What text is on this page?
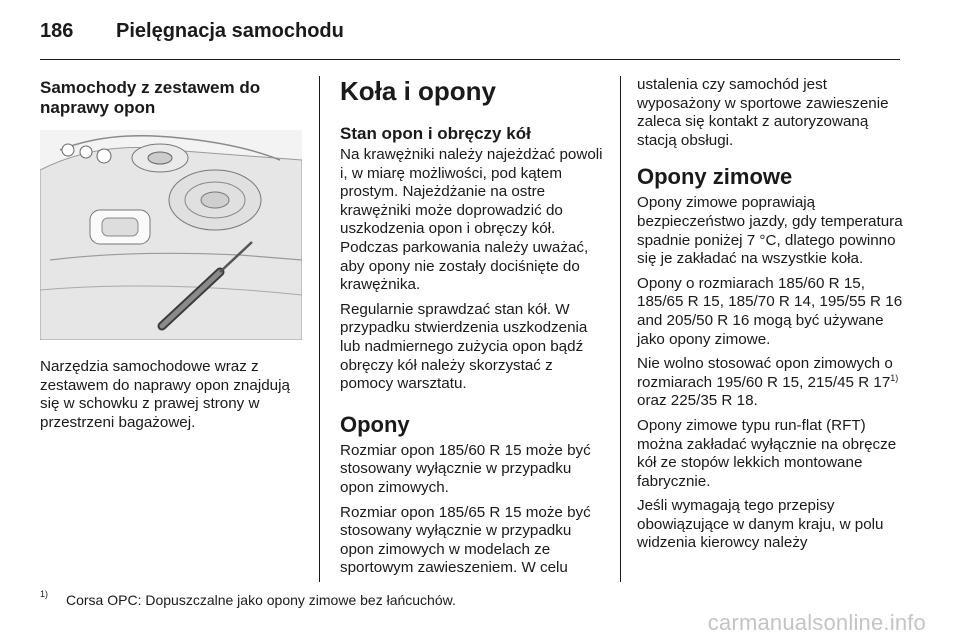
186 Pielęgnacja samochodu
Samochody z zestawem do naprawy opon

Narzędzia samochodowe wraz z zestawem do naprawy opon znajdują się w schowku z prawej strony w przestrzeni bagażowej.

Koła i opony
Stan opon i obręczy kół

Na krawężniki należy najeżdżać powoli i, w miarę możliwości, pod kątem prostym. Najeżdżanie na ostre krawężniki może doprowadzić do uszkodzenia opon i obręczy kół. Podczas parkowania należy uważać, aby opony nie zostały dociśnięte do krawężnika.

Regularnie sprawdzać stan kół. W przypadku stwierdzenia uszkodzenia lub nadmiernego zużycia opon bądź obręczy kół należy skorzystać z pomocy warsztatu.

Opony

Rozmiar opon 185/60 R 15 może być stosowany wyłącznie w przypadku opon zimowych.

Rozmiar opon 185/65 R 15 może być stosowany wyłącznie w przypadku opon zimowych w modelach ze sportowym zawieszeniem. W celu

ustalenia czy samochód jest wyposażony w sportowe zawieszenie zaleca się kontakt z autoryzowaną stacją obsługi.

Opony zimowe

Opony zimowe poprawiają bezpieczeństwo jazdy, gdy temperatura spadnie poniżej 7 °C, dlatego powinno się je zakładać na wszystkie koła.

Opony o rozmiarach 185/60 R 15, 185/65 R 15, 185/70 R 14, 195/55 R 16 and 205/50 R 16 mogą być używane jako opony zimowe.

Nie wolno stosować opon zimowych o rozmiarach 195/60 R 15, 215/45 R 17$^{1)}$ oraz 225/35 R 18.

Opony zimowe typu run-flat (RFT) można zakładać wyłącznie na obręcze kół ze stopów lekkich montowane fabrycznie.

Jeśli wymagają tego przepisy obowiązujące w danym kraju, w polu widzenia kierowcy należy

1) Corsa OPC: Dopuszczalne jako opony zimowe bez łańcuchów.
carmanualsonline.info
